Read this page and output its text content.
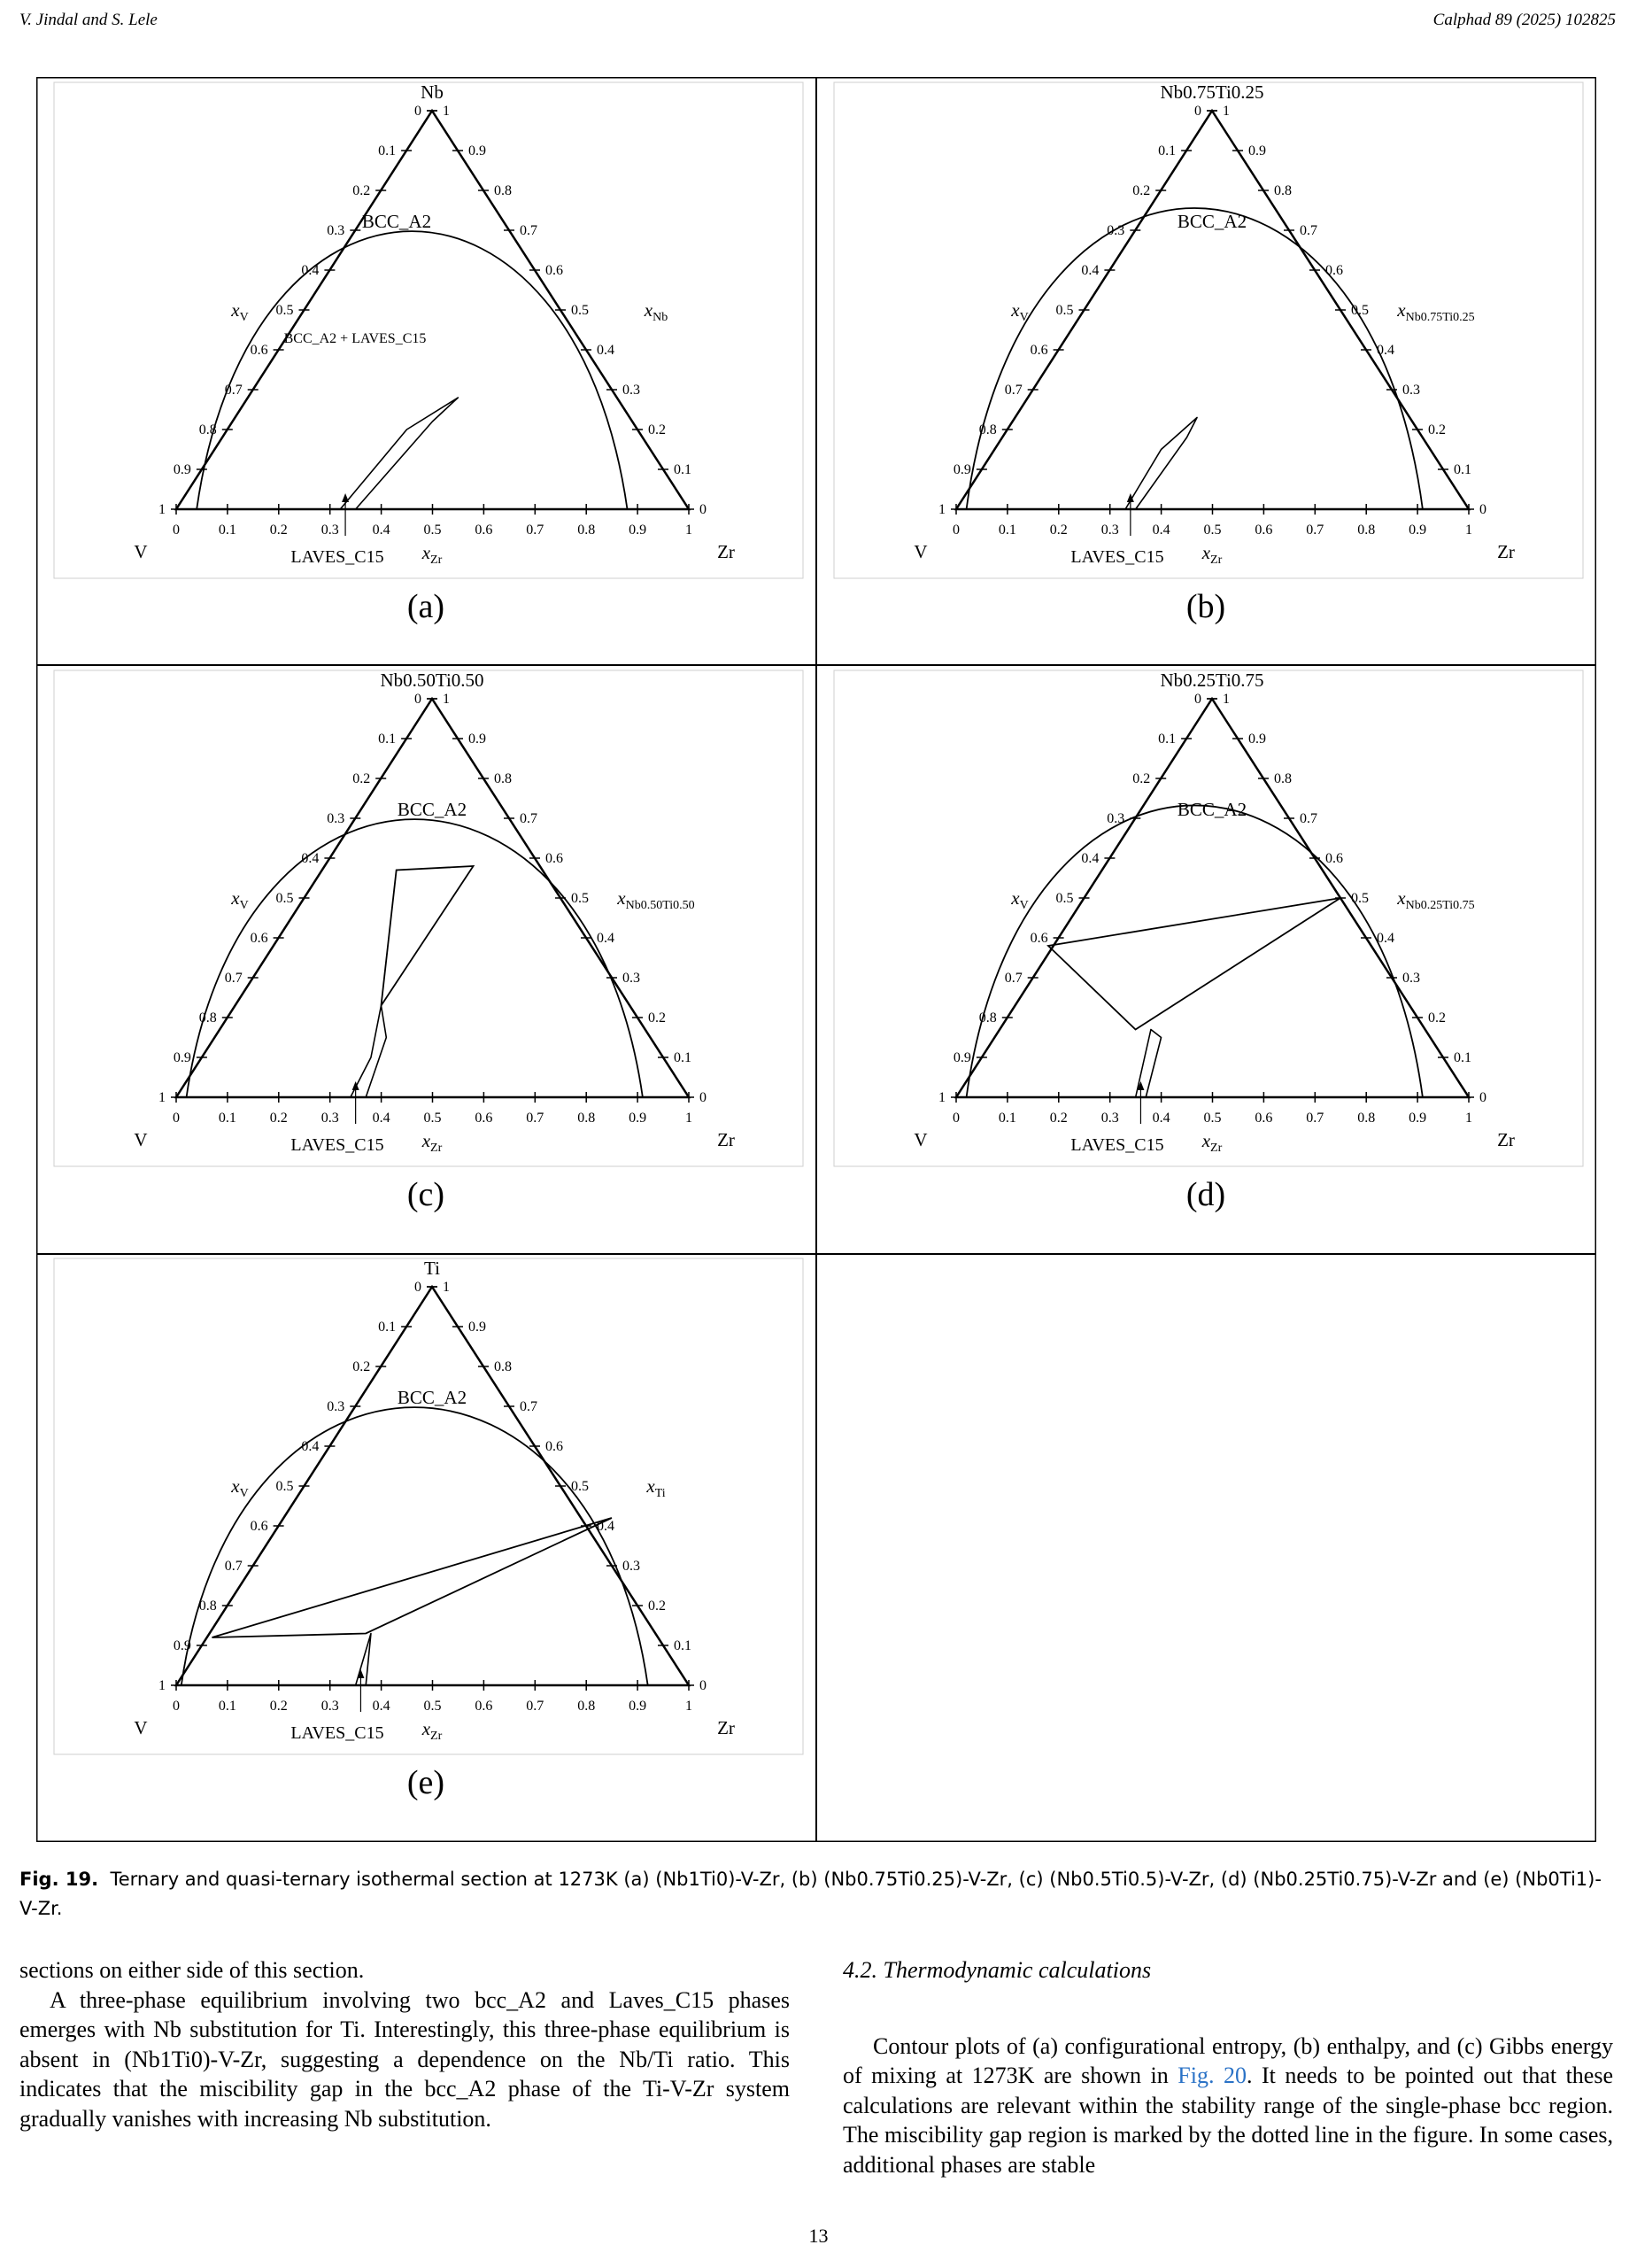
V. Jindal and S. Lele	Calphad 89 (2025) 102825
0
0
0
0.1
0.1
0.1
0.2
0.2
0.2
0.3
0.3
0.3
0.4
0.4
0.4
0.5
0.5	0.5
0.6
0.6
0.6
0.7
0.7
0.7
0.8
0.8
0.8
0.9
0.9
0.9
1
1
1
Nb
V	Zr
$x_V$	$x_{Nb}$
$x_{Zr}$
LAVES_C15
BCC_A2
BCC_A2 + LAVES_C15
(a)
0
0
0
0.1
0.1
0.1
0.2
0.2
0.2
0.3
0.3
0.3
0.4
0.4
0.4
0.5
0.5	0.5
0.6
0.6
0.6
0.7
0.7
0.7
0.8
0.8
0.8
0.9
0.9
0.9
1
1
1
Nb0.75Ti0.25
V	Zr
$x_V$	$x_{Nb0.75Ti0.25}$
$x_{Zr}$
LAVES_C15
BCC_A2
(b)
0
0
0
0.1
0.1
0.1
0.2
0.2
0.2
0.3
0.3
0.3
0.4
0.4
0.4
0.5
0.5	0.5
0.6
0.6
0.6
0.7
0.7
0.7
0.8
0.8
0.8
0.9
0.9
0.9
1
1
1
Nb0.50Ti0.50
V	Zr
$x_V$	$x_{Nb0.50Ti0.50}$
$x_{Zr}$
LAVES_C15
BCC_A2
(c)
0
0
0
0.1
0.1
0.1
0.2
0.2
0.2
0.3
0.3
0.3
0.4
0.4
0.4
0.5
0.5	0.5
0.6
0.6
0.6
0.7
0.7
0.7
0.8
0.8
0.8
0.9
0.9
0.9
1
1
1
Nb0.25Ti0.75
V	Zr
$x_V$	$x_{Nb0.25Ti0.75}$
$x_{Zr}$
LAVES_C15
BCC_A2
(d)
0
0
0
0.1
0.1
0.1
0.2
0.2
0.2
0.3
0.3
0.3
0.4
0.4
0.4
0.5
0.5	0.5
0.6
0.6
0.6
0.7
0.7
0.7
0.8
0.8
0.8
0.9
0.9
0.9
1
1
1
Ti
V	Zr
$x_V$	$x_{Ti}$
$x_{Zr}$
LAVES_C15
BCC_A2
(e)
Fig. 19. Ternary and quasi-ternary isothermal section at 1273K (a) (Nb1Ti0)-V-Zr, (b) (Nb0.75Ti0.25)-V-Zr, (c) (Nb0.5Ti0.5)-V-Zr, (d) (Nb0.25Ti0.75)-V-Zr and (e) (Nb0Ti1)-V-Zr.

sections on either side of this section.

A three-phase equilibrium involving two bcc_A2 and Laves_C15 phases emerges with Nb substitution for Ti. Interestingly, this three-phase equilibrium is absent in (Nb1Ti0)-V-Zr, suggesting a dependence on the Nb/Ti ratio. This indicates that the miscibility gap in the bcc_A2 phase of the Ti-V-Zr system gradually vanishes with increasing Nb substitution.

4.2. Thermodynamic calculations

Contour plots of (a) configurational entropy, (b) enthalpy, and (c) Gibbs energy of mixing at 1273K are shown in Fig. 20. It needs to be pointed out that these calculations are relevant within the stability range of the single-phase bcc region. The miscibility gap region is marked by the dotted line in the figure. In some cases, additional phases are stable

13
